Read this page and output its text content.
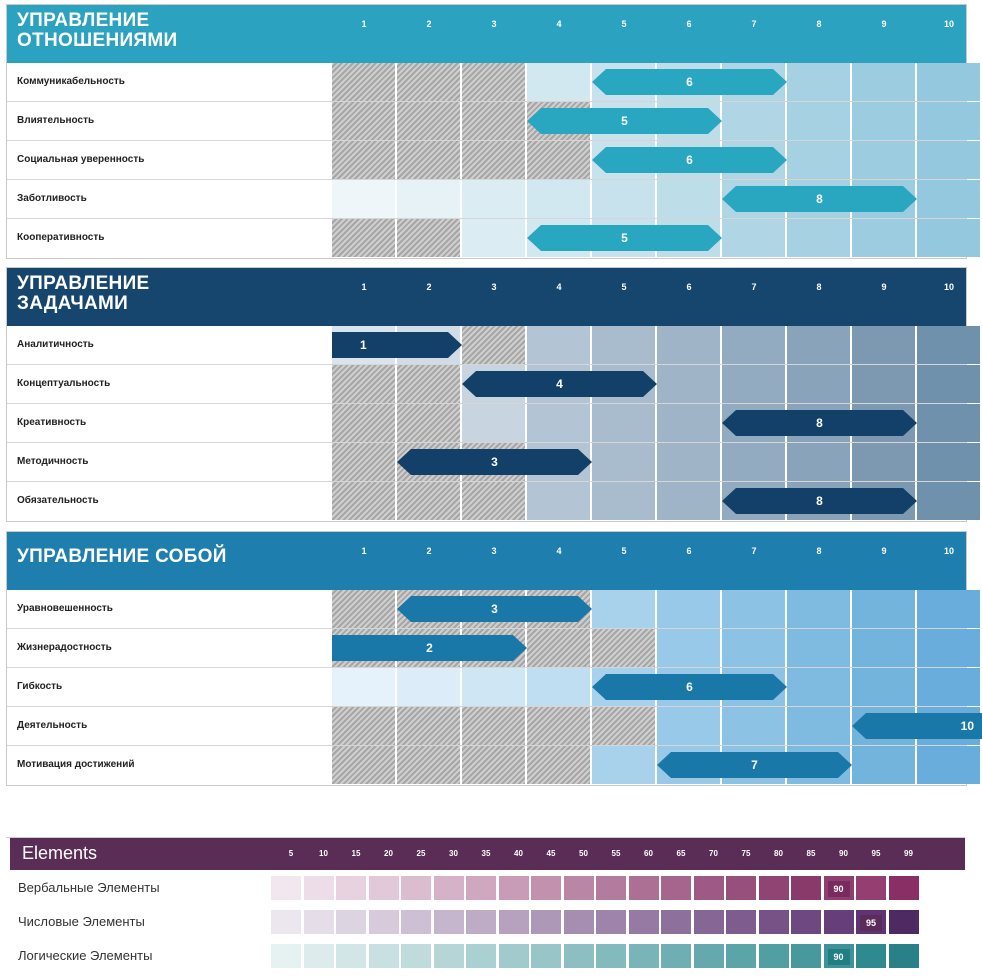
УПРАВЛЕНИЕ
ОТНОШЕНИЯМИ
1	2	3	4	5	6	7	8	9	10
Коммуникабельность	6
Влиятельность	5
Социальная уверенность	6
Заботливость	8
Кооперативность	5
УПРАВЛЕНИЕ
ЗАДАЧАМИ
1	2	3	4	5	6	7	8	9	10
Аналитичность	1
Концептуальность	4
Креативность	8
Методичность	3
Обязательность	8
УПРАВЛЕНИЕ СОБОЙ	1	2	3	4	5	6	7	8	9	10
Уравновешенность	3
Жизнерадостность	2
Гибкость	6
Деятельность	10
Мотивация достижений	7
Elements	5	10	15	20	25	30	35	40	45	50	55	60	65	70	75	80	85	90	95	99
Вербальные Элементы	90
Числовые Элементы	95
Логические Элементы	90
